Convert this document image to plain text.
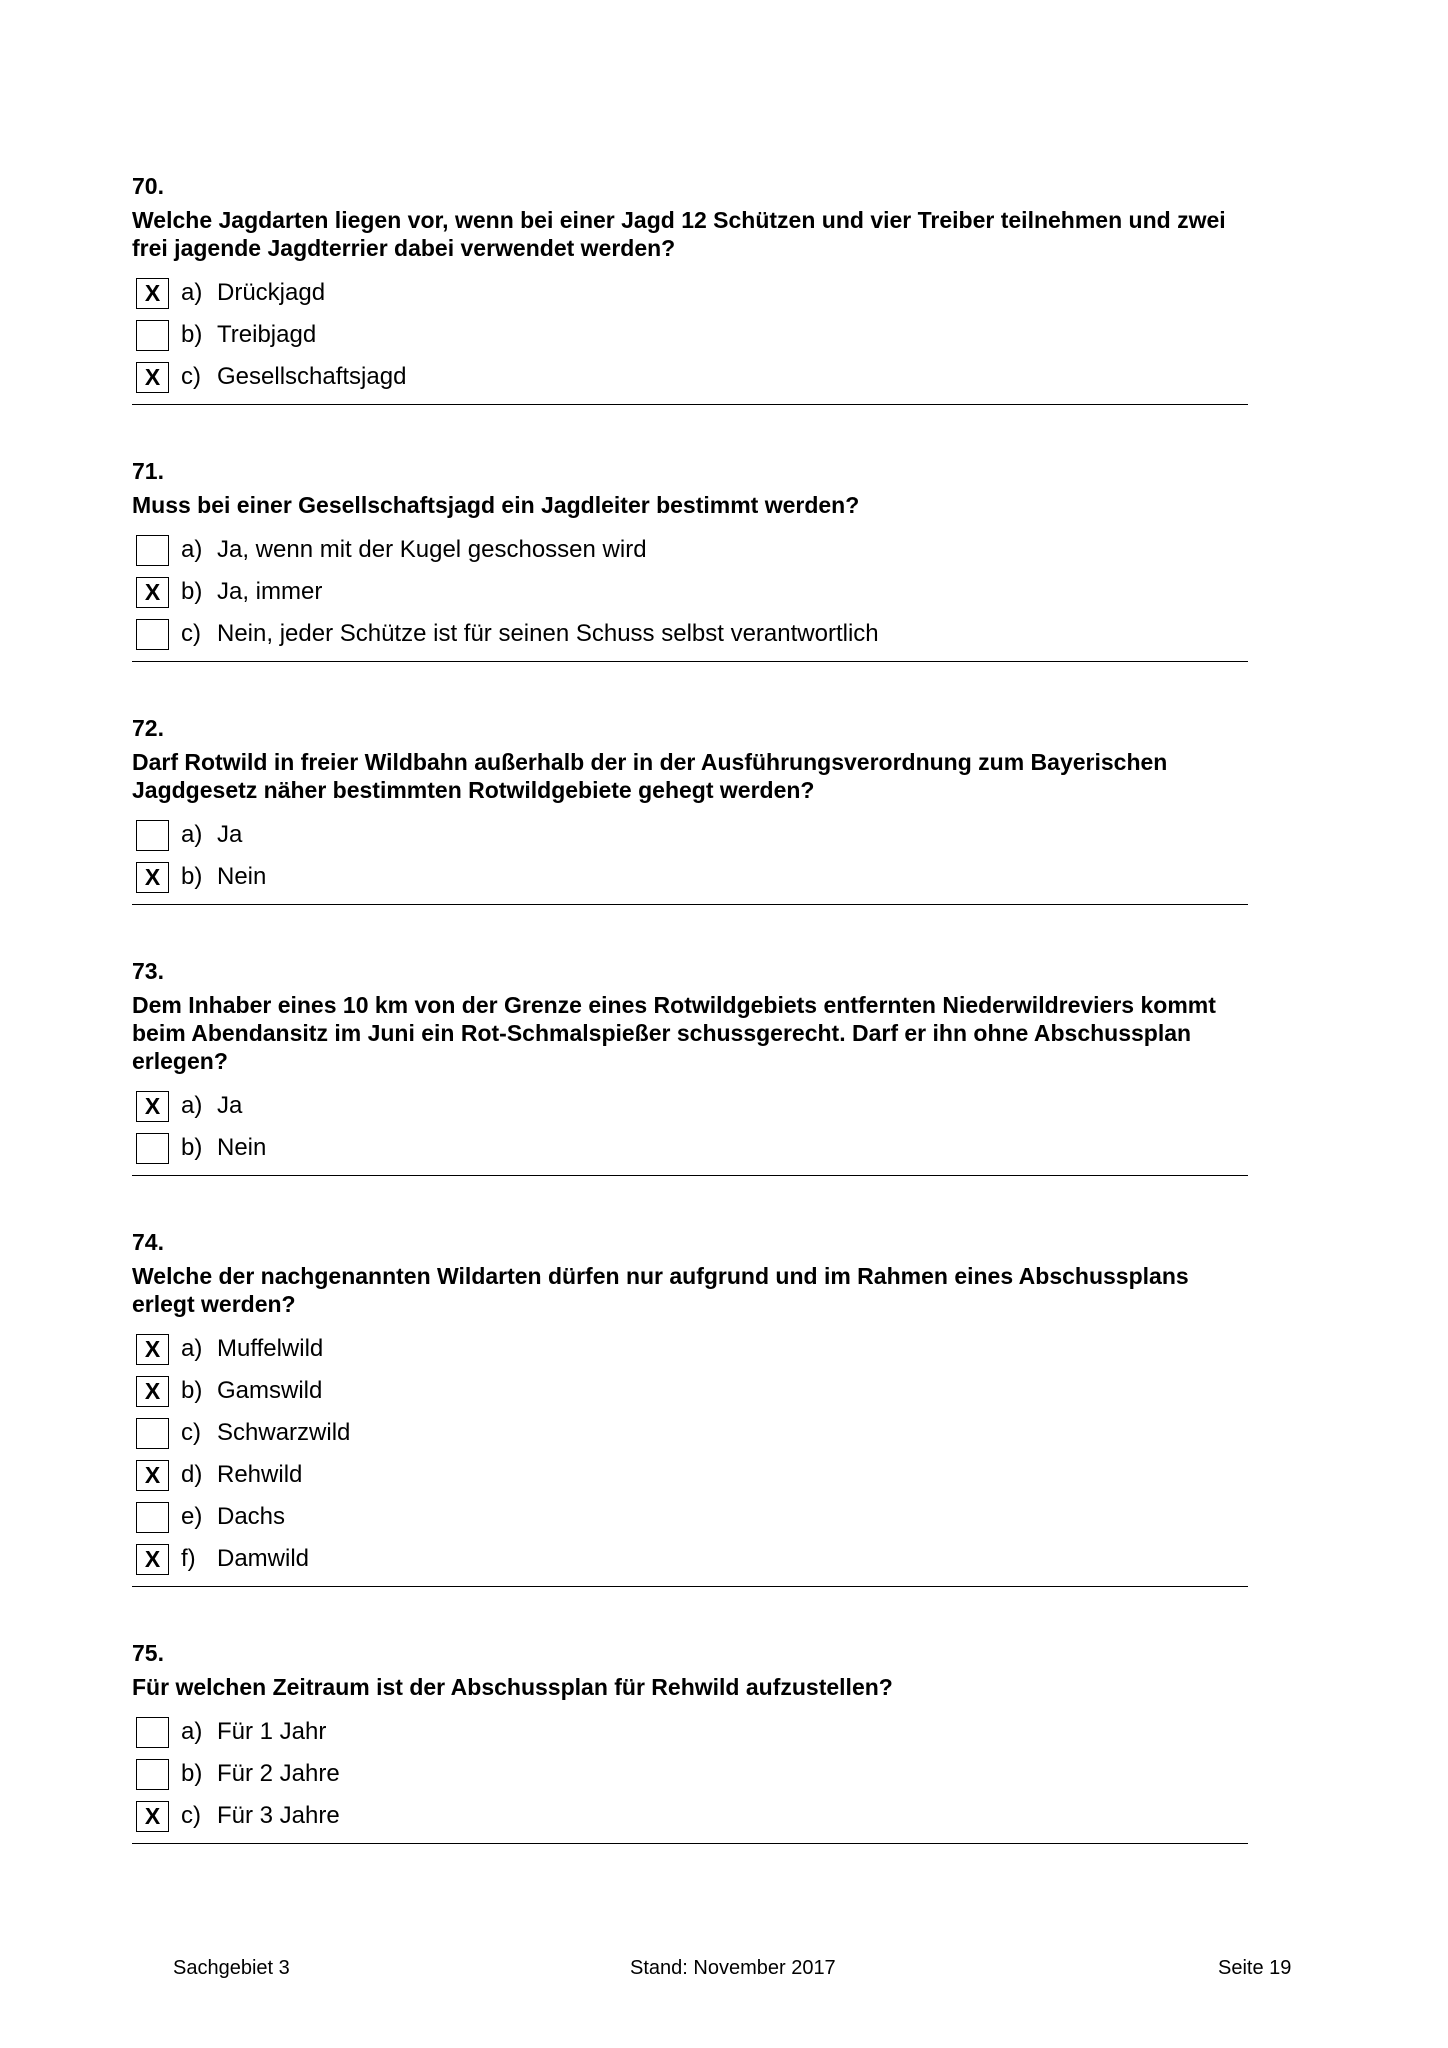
70.
Welche Jagdarten liegen vor, wenn bei einer Jagd 12 Schützen und vier Treiber teilnehmen und zwei frei jagende Jagdterrier dabei verwendet werden?
X a) Drückjagd
b) Treibjagd
X c) Gesellschaftsjagd
71.
Muss bei einer Gesellschaftsjagd ein Jagdleiter bestimmt werden?
a) Ja, wenn mit der Kugel geschossen wird
X b) Ja, immer
c) Nein, jeder Schütze ist für seinen Schuss selbst verantwortlich
72.
Darf Rotwild in freier Wildbahn außerhalb der in der Ausführungsverordnung zum Bayerischen Jagdgesetz näher bestimmten Rotwildgebiete gehegt werden?
a) Ja
X b) Nein
73.
Dem Inhaber eines 10 km von der Grenze eines Rotwildgebiets entfernten Niederwildreviers kommt beim Abendansitz im Juni ein Rot-Schmalspießer schussgerecht. Darf er ihn ohne Abschussplan erlegen?
X a) Ja
b) Nein
74.
Welche der nachgenannten Wildarten dürfen nur aufgrund und im Rahmen eines Abschussplans erlegt werden?
X a) Muffelwild
X b) Gamswild
c) Schwarzwild
X d) Rehwild
e) Dachs
X f) Damwild
75.
Für welchen Zeitraum ist der Abschussplan für Rehwild aufzustellen?
a) Für 1 Jahr
b) Für 2 Jahre
X c) Für 3 Jahre
Sachgebiet 3	Stand: November 2017	Seite 19
